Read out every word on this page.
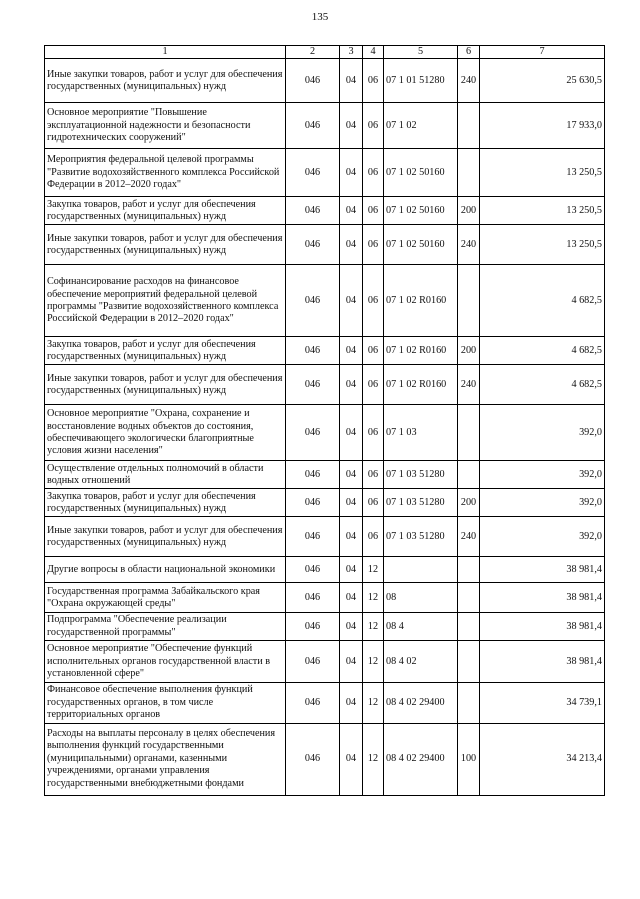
135
1	2	3	4	5	6	7
Иные закупки товаров, работ и услуг для обеспечения государственных (муниципальных) нужд	046	04	06	07 1 01 51280	240	25 630,5
Основное мероприятие "Повышение эксплуатационной надежности и безопасности гидротехнических сооружений"	046	04	06	07 1 02		17 933,0
Мероприятия федеральной целевой программы "Развитие водохозяйственного комплекса Российской Федерации в 2012–2020 годах"	046	04	06	07 1 02 50160		13 250,5
Закупка товаров, работ и услуг для обеспечения государственных (муниципальных) нужд	046	04	06	07 1 02 50160	200	13 250,5
Иные закупки товаров, работ и услуг для обеспечения государственных (муниципальных) нужд	046	04	06	07 1 02 50160	240	13 250,5
Софинансирование расходов на финансовое обеспечение мероприятий федеральной целевой программы "Развитие водохозяйственного комплекса Российской Федерации в 2012–2020 годах"	046	04	06	07 1 02 R0160		4 682,5
Закупка товаров, работ и услуг для обеспечения государственных (муниципальных) нужд	046	04	06	07 1 02 R0160	200	4 682,5
Иные закупки товаров, работ и услуг для обеспечения государственных (муниципальных) нужд	046	04	06	07 1 02 R0160	240	4 682,5
Основное мероприятие "Охрана, сохранение и восстановление водных объектов до состояния, обеспечивающего экологически благоприятные условия жизни населения"	046	04	06	07 1 03		392,0
Осуществление отдельных полномочий в области водных отношений	046	04	06	07 1 03 51280		392,0
Закупка товаров, работ и услуг для обеспечения государственных (муниципальных) нужд	046	04	06	07 1 03 51280	200	392,0
Иные закупки товаров, работ и услуг для обеспечения государственных (муниципальных) нужд	046	04	06	07 1 03 51280	240	392,0
Другие вопросы в области национальной экономики	046	04	12			38 981,4
Государственная программа Забайкальского края "Охрана окружающей среды"	046	04	12	08		38 981,4
Подпрограмма "Обеспечение реализации государственной программы"	046	04	12	08 4		38 981,4
Основное мероприятие "Обеспечение функций исполнительных органов государственной власти в установленной сфере"	046	04	12	08 4 02		38 981,4
Финансовое обеспечение выполнения функций государственных органов, в том числе территориальных органов	046	04	12	08 4 02 29400		34 739,1
Расходы на выплаты персоналу в целях обеспечения выполнения функций государственными (муниципальными) органами, казенными учреждениями, органами управления государственными внебюджетными фондами	046	04	12	08 4 02 29400	100	34 213,4
